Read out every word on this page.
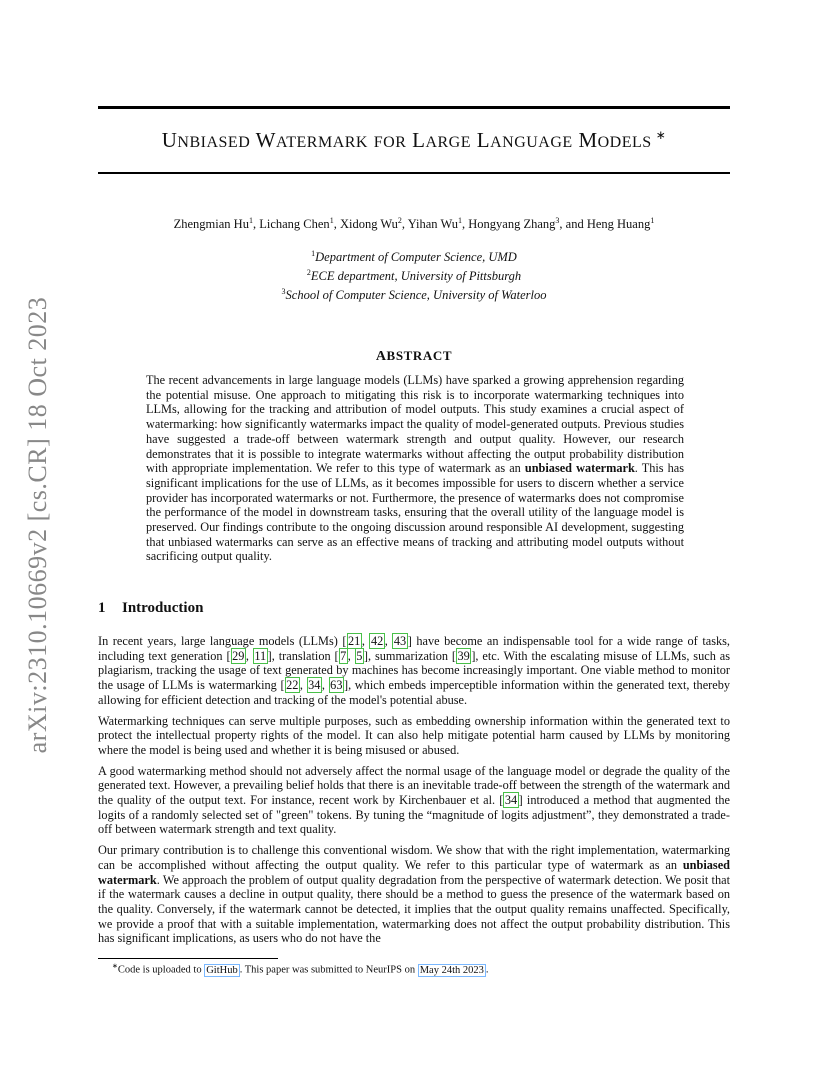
arXiv:2310.10669v2 [cs.CR] 18 Oct 2023
UNBIASED WATERMARK FOR LARGE LANGUAGE MODELS ∗
Zhengmian Hu$^1$, Lichang Chen$^1$, Xidong Wu$^2$, Yihan Wu$^1$, Hongyang Zhang$^3$, and Heng Huang$^1$
$^1$Department of Computer Science, UMD
$^2$ECE department, University of Pittsburgh
$^3$School of Computer Science, University of Waterloo
ABSTRACT
The recent advancements in large language models (LLMs) have sparked a growing apprehension regarding the potential misuse. One approach to mitigating this risk is to incorporate watermarking techniques into LLMs, allowing for the tracking and attribution of model outputs. This study examines a crucial aspect of watermarking: how significantly watermarks impact the quality of model-generated outputs. Previous studies have suggested a trade-off between watermark strength and output quality. However, our research demonstrates that it is possible to integrate watermarks without affecting the output probability distribution with appropriate implementation. We refer to this type of watermark as an unbiased watermark. This has significant implications for the use of LLMs, as it becomes impossible for users to discern whether a service provider has incorporated watermarks or not. Furthermore, the presence of watermarks does not compromise the performance of the model in downstream tasks, ensuring that the overall utility of the language model is preserved. Our findings contribute to the ongoing discussion around responsible AI development, suggesting that unbiased watermarks can serve as an effective means of tracking and attributing model outputs without sacrificing output quality.
1 Introduction

In recent years, large language models (LLMs) [ 21 , 42 , 43 ] have become an indispensable tool for a wide range of tasks, including text generation [ 29 , 11 ], translation [ 7 , 5 ], summarization [ 39 ], etc. With the escalating misuse of LLMs, such as plagiarism, tracking the usage of text generated by machines has become increasingly important. One viable method to monitor the usage of LLMs is watermarking [ 22 , 34 , 63 ], which embeds imperceptible information within the generated text, thereby allowing for efficient detection and tracking of the model's potential abuse.

Watermarking techniques can serve multiple purposes, such as embedding ownership information within the generated text to protect the intellectual property rights of the model. It can also help mitigate potential harm caused by LLMs by monitoring where the model is being used and whether it is being misused or abused.

A good watermarking method should not adversely affect the normal usage of the language model or degrade the quality of the generated text. However, a prevailing belief holds that there is an inevitable trade-off between the strength of the watermark and the quality of the output text. For instance, recent work by Kirchenbauer et al. [ 34 ] introduced a method that augmented the logits of a randomly selected set of "green" tokens. By tuning the “magnitude of logits adjustment”, they demonstrated a trade-off between watermark strength and text quality.

Our primary contribution is to challenge this conventional wisdom. We show that with the right implementation, watermarking can be accomplished without affecting the output quality. We refer to this particular type of watermark as an unbiased watermark. We approach the problem of output quality degradation from the perspective of watermark detection. We posit that if the watermark causes a decline in output quality, there should be a method to guess the presence of the watermark based on the quality. Conversely, if the watermark cannot be detected, it implies that the output quality remains unaffected. Specifically, we provide a proof that with a suitable implementation, watermarking does not affect the output probability distribution. This has significant implications, as users who do not have the

∗Code is uploaded to GitHub . This paper was submitted to NeurIPS on May 24th 2023 .
